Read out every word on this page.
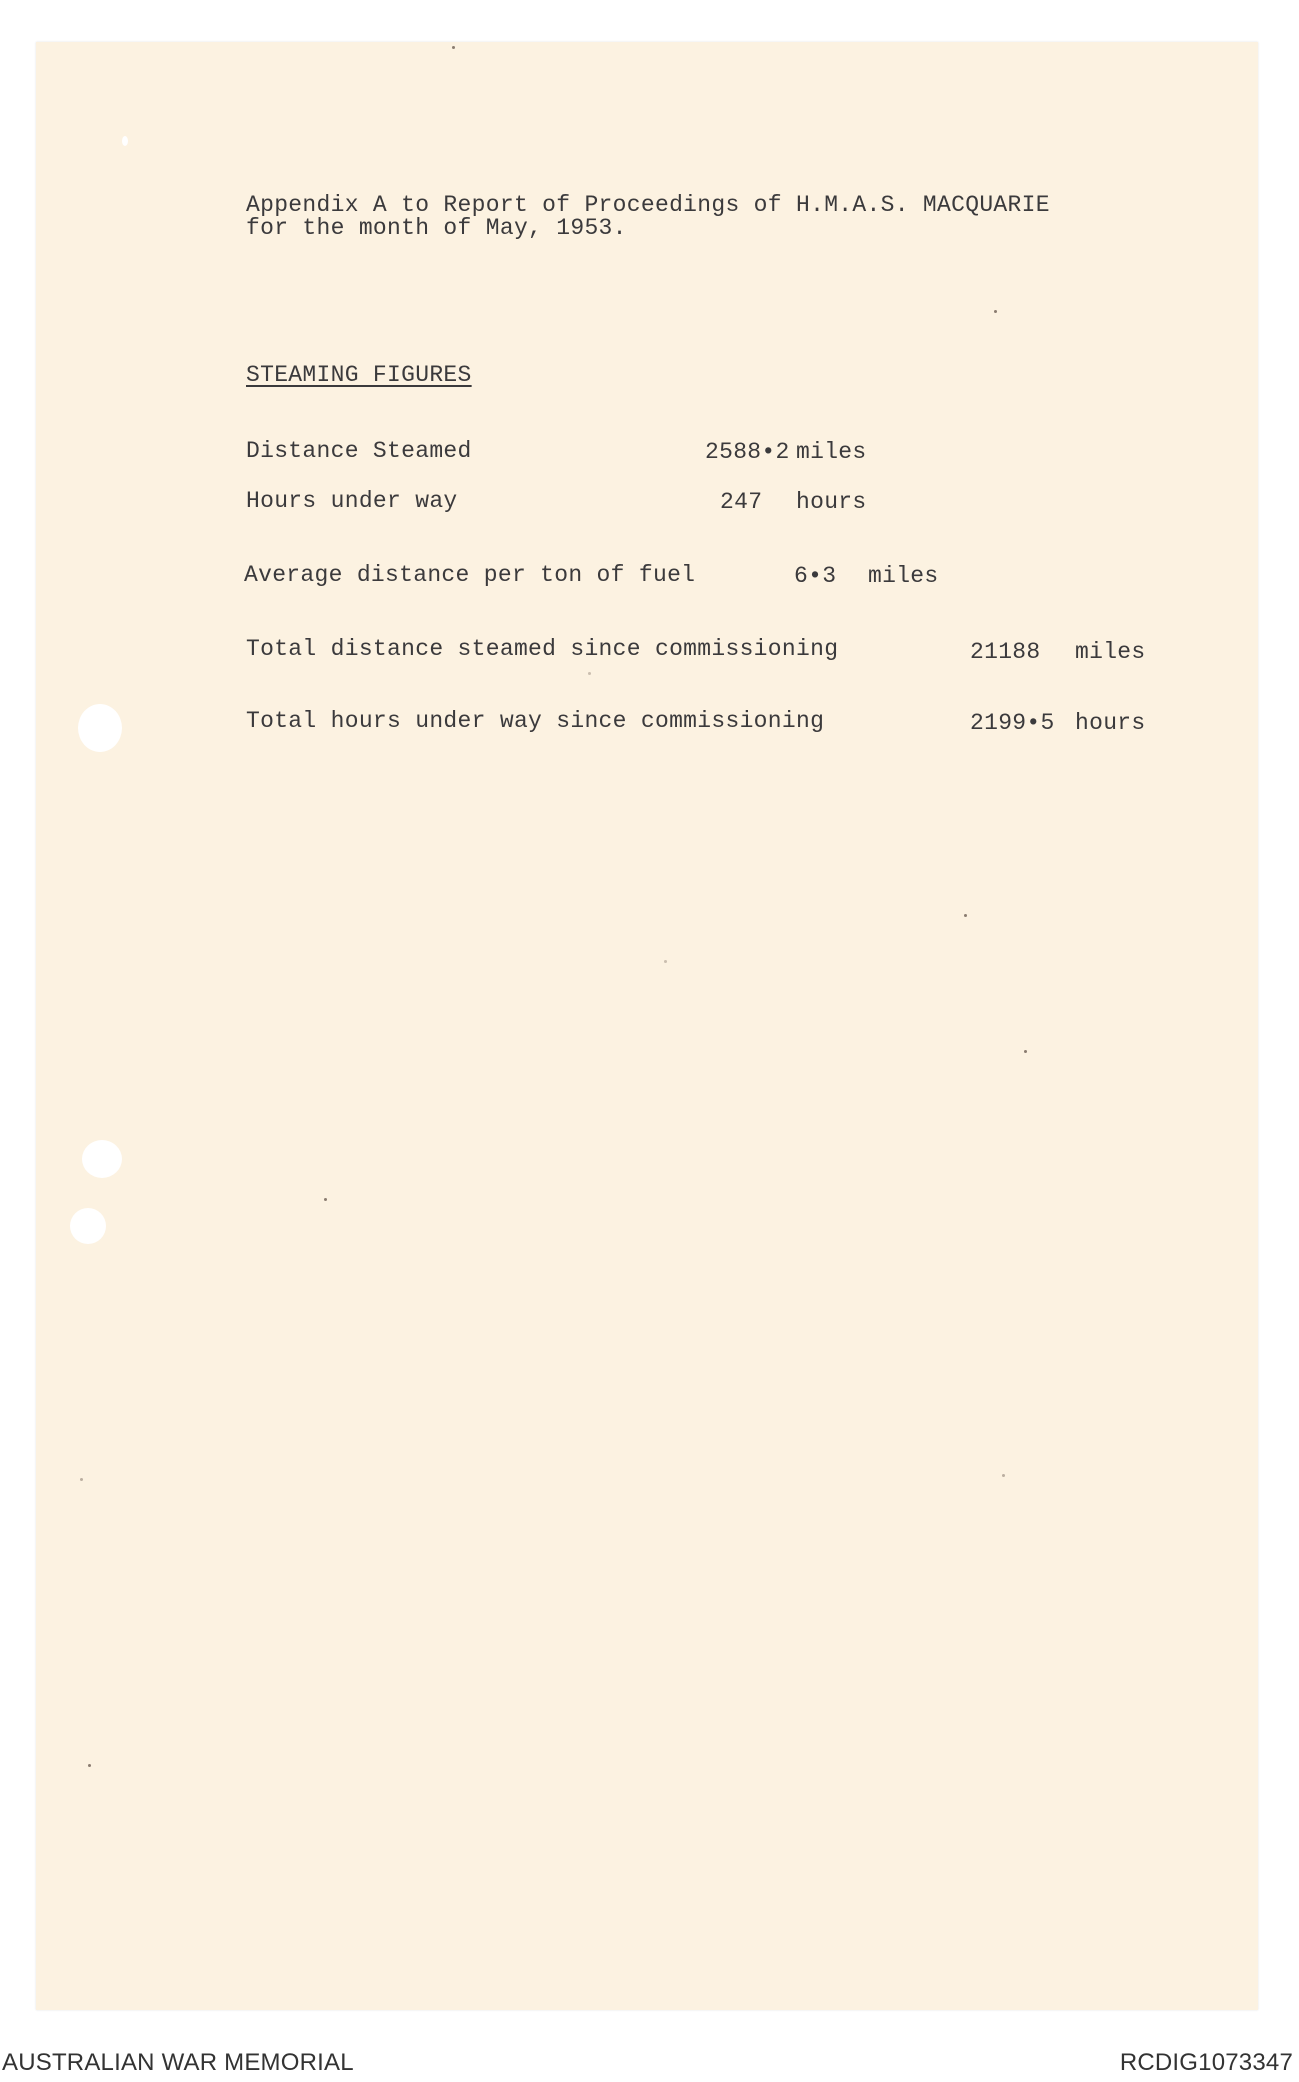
Appendix A to Report of Proceedings of H.M.A.S. MACQUARIE
for the month of May, 1953.
STEAMING FIGURES
Distance Steamed	2588•2 miles
Hours under way	247 hours
Average distance per ton of fuel	6•3 miles
Total distance steamed since commissioning	21188 miles
Total hours under way since commissioning	2199•5 hours
AUSTRALIAN WAR MEMORIAL	RCDIG1073347
